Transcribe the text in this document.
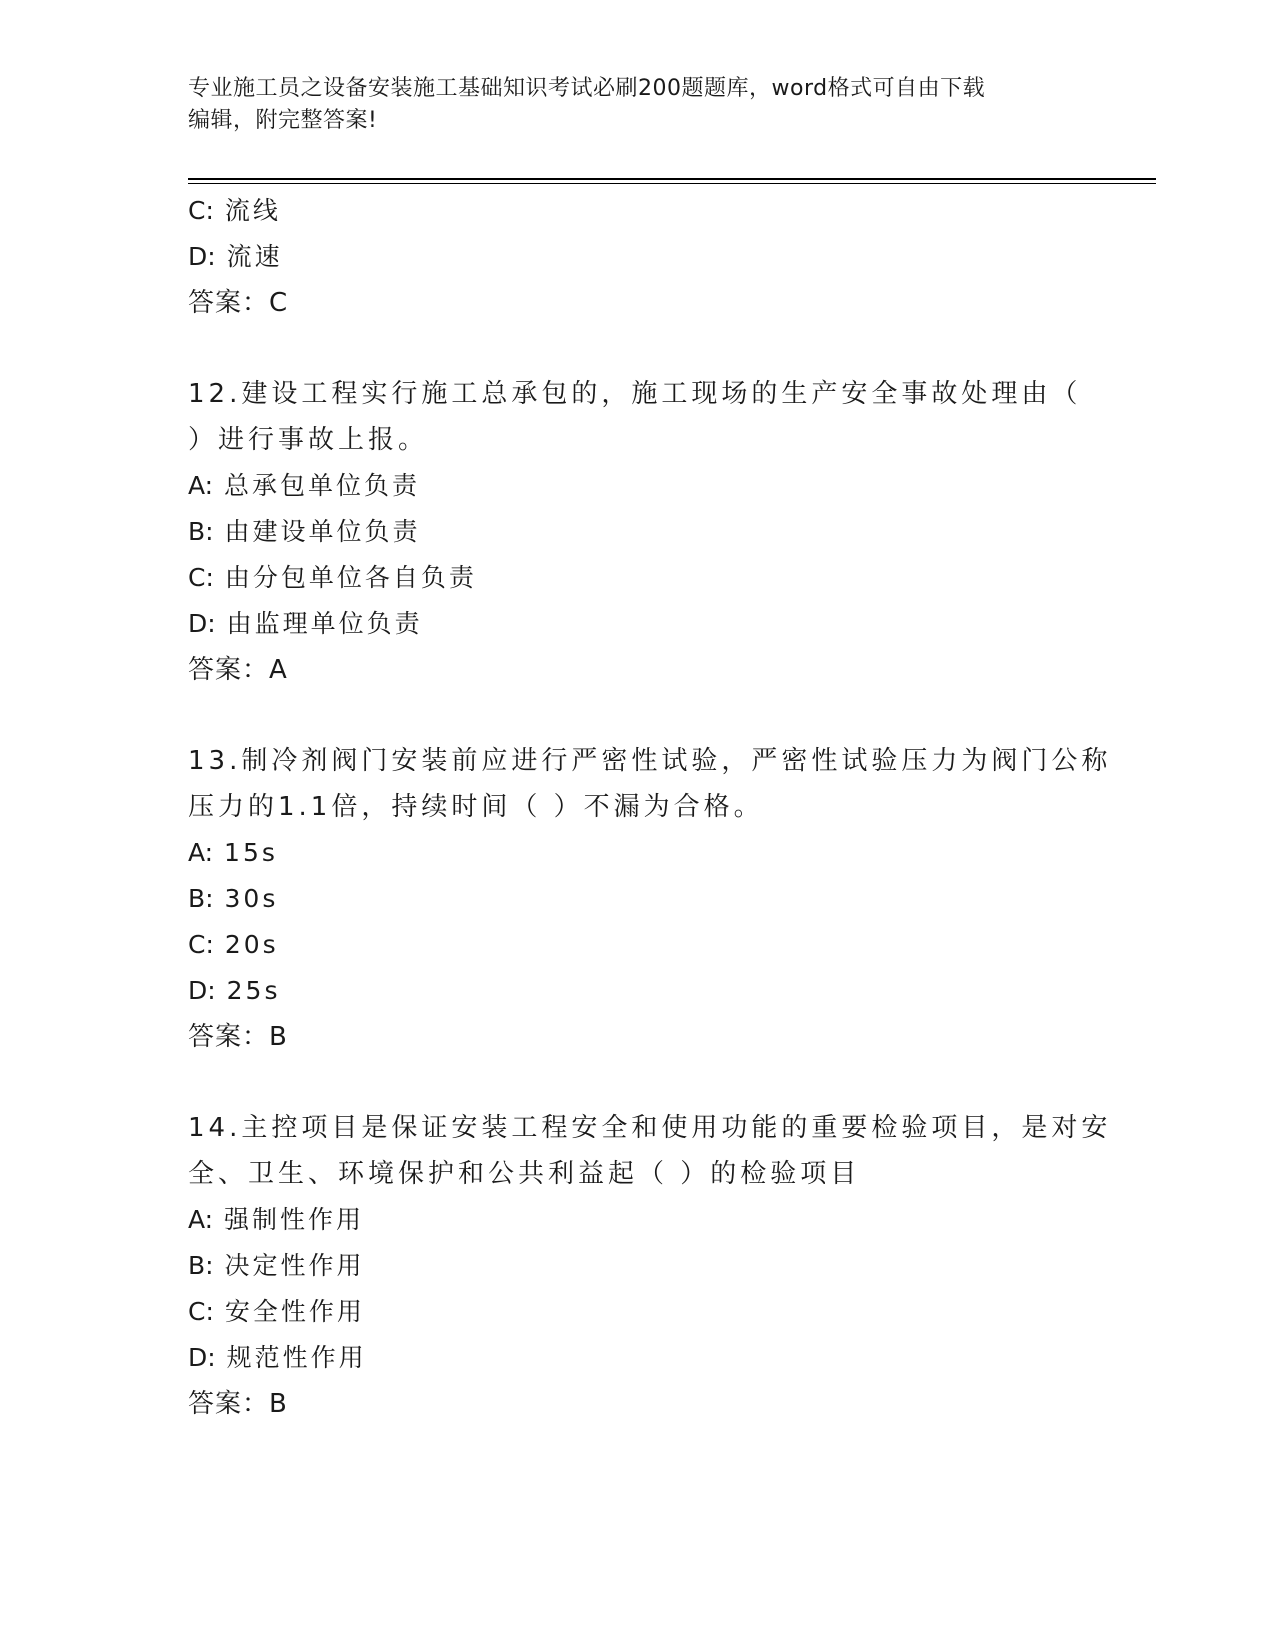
专业施工员之设备安装施工基础知识考试必刷200题题库，word格式可自由下载
编辑，附完整答案!
C: 流线
D: 流速
答案：C
12.建设工程实行施工总承包的，施工现场的生产安全事故处理由（
）进行事故上报。
A: 总承包单位负责
B: 由建设单位负责
C: 由分包单位各自负责
D: 由监理单位负责
答案：A
13.制冷剂阀门安装前应进行严密性试验，严密性试验压力为阀门公称
压力的1.1倍，持续时间（ ）不漏为合格。
A: 15s
B: 30s
C: 20s
D: 25s
答案：B
14.主控项目是保证安装工程安全和使用功能的重要检验项目，是对安
全、卫生、环境保护和公共利益起（ ）的检验项目
A: 强制性作用
B: 决定性作用
C: 安全性作用
D: 规范性作用
答案：B
